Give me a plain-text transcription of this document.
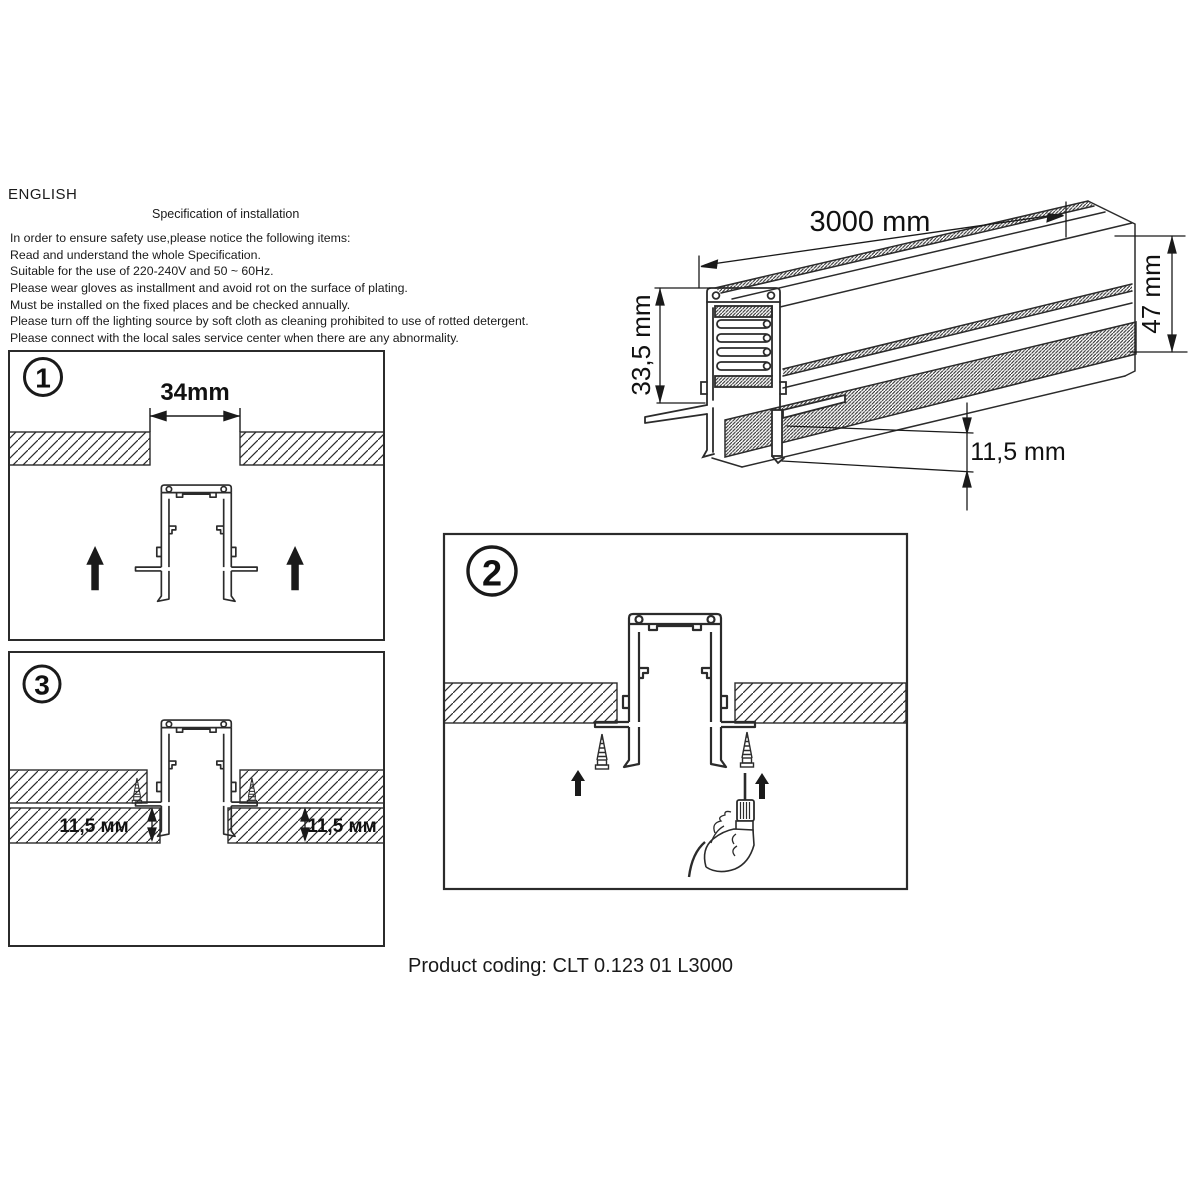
3000 mm
33,5 mm
47 mm
11,5 mm
1	34mm
3
11,5 мм	11,5 мм
2
ENGLISH
Specification of installation
In order to ensure safety use,please notice the following items:
Read and understand the whole Specification.
Suitable for the use of 220-240V and 50 ~ 60Hz.
Please wear gloves as installment and avoid rot on the surface of plating.
Must be installed on the fixed places and be checked annually.
Please turn off the lighting source by soft cloth as cleaning prohibited to use of rotted detergent.
Please connect with the local sales service center when there are any abnormality.
Product coding: CLT 0.123 01 L3000
